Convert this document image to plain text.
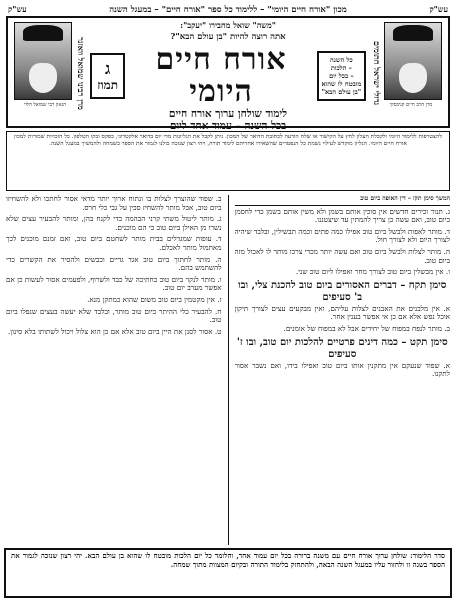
עש"ק
מכון "אורח חיים היומי" – ללימוד כל ספר "אורח חיים" – במעגל השנה
עש"ק
מרן הרב חיים קניבסקי
גדולי ישראל חתומים
הגאון רבי שמואל הלוי	מרן רבינו שמואל וואזנר
"משה" שואל מחבירו "יעקב":
אתה רוצה להיות "בן עולם הבא"?
כל השנה
– הלכות
– בכל יום
מובטח לו שהוא
"בן עולם הבא"
אורח חיים היומי
ג
תמוז
לימוד שולחן ערוך אורח חיים
בכל השנה – עמוד אחד ליום
להצטרפות ללימוד היומי ולקבלת העלון לחץ על הקישור או שלח הודעה לכתובת הדואר של המכון. ניתן לקבל את הגליונות מדי יום בדואר אלקטרוני, בפקס ובקו הטלפון. כל הזכויות שמורות למכון אורח חיים היומי. הגליון מוקדש לעילוי נשמת כל הנפטרים שהשאירו אחריהם לימוד תורה, ויהי רצון שנזכה כולנו לגמור את הספר בשמחה ולהמשיך במעגל השנה.
המשך סימן תקז – דין האופה ביום טוב

ג. תנור וכירים חדשים אין סוכין אותם בשמן ולא משין אותם בשמן כדי לחסמן ביום טוב, ואם עשה כן צריך להמתין עד שיצטננו.

ד. מותר לאפות ולבשל ביום טוב אפילו כמה פתים וכמה תבשילין, ובלבד שיהיה לצורך היום ולא לצורך חול.

ה. מותר לצלות ולבשל ביום טוב ואם עשה יותר מכדי צרכו מותר לו לאכול מזה ביום טוב.

ו. אין מבשלין ביום טוב לצורך מחר ואפילו ליום טוב שני.

סימן תקח – דברים האסורים ביום טוב להכנת צלי, ובו ב' סעיפים

א. אין מלבנים את האבנים לצלות עליהם, ואין מבקעים עצים לצורך תיקון אוכל נפש אלא אם כן אי אפשר בענין אחר.

ב. מותר לנפח במפוח של יחידים אבל לא במפוח של אומנים.

סימן תקט – כמה דינים פרטיים להלכות יום טוב, ובו ז' סעיפים

א. שפוד שנעקם אין מתקנין אותו ביום טוב ואפילו בידו, ואם נשבר אסור לתקנו.

ב. שפוד שהוצרך לצלות בו ונתוח ארוך יותר מדאי אסור לחתכו ולא להשחיזו ביום טוב, אבל מותר להשחיז סכין על גבי כלי חרס.

ג. מותר ליטול משתי קרני הבהמה כדי לקנח בהן, ומותר להבעיר עצים שלא נשרו מן האילן ביום טוב כי הם מוכנים.

ד. עופות שמגדלים בבית מותר לשחטם ביום טוב, ואם זמנם מוכנים לכך מאתמול מותר לאכלם.

ה. מותר לחתוך ביום טוב אגד גדיים וכבשים ולהסיר את הקשרים כדי להשתמש בהם.

ו. מותר לנקר ביום טוב בחתיכה של כבד ולשרוף, ולפעמים אסור לעשות כן אם אפשר מערב יום טוב.

ז. אין מקטמין ביום טוב משום שהוא כמתקן מנא.

ח. להבעיר כלי ההיתר ביום טוב מותר, ובלבד שלא יעשה בעצים שנפלו ביום טוב.

ט. אסור לסנן את היין ביום טוב אלא אם כן הוא צלול ויכול לשתותו בלא סינון.

סדר הלימוד: שולחן ערוך אורח חיים עם משנה ברורה בכל יום עמוד אחד, והלומד כל יום הלכות מובטח לו שהוא בן עולם הבא. יהי רצון שנזכה לגמור את הספר בשנה זו ולחזור עליו במעגל השנה הבאה, ולהתחזק בלימוד התורה ובקיום המצוות מתוך שמחה.
